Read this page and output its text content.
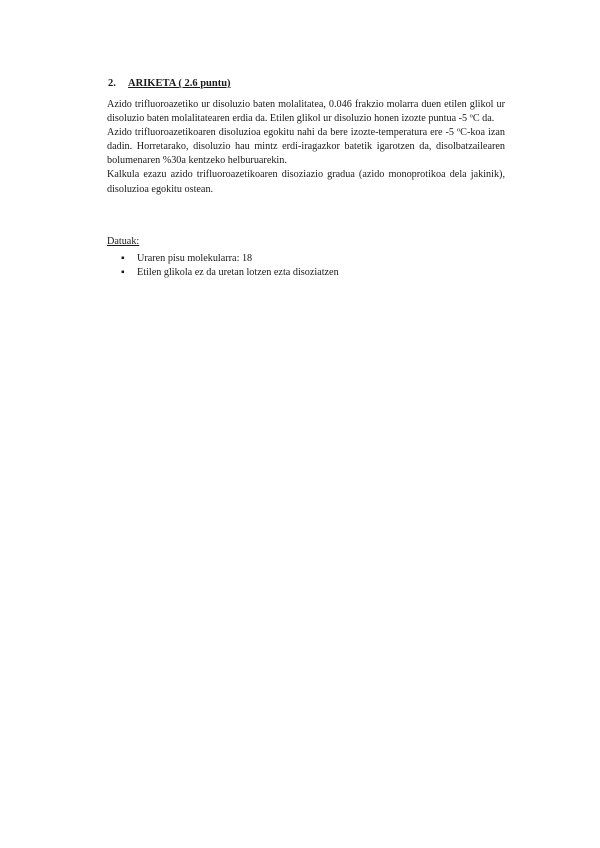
2. ARIKETA ( 2.6 puntu)

Azido trifluoroazetiko ur disoluzio baten molalitatea, 0.046 frakzio molarra duen etilen glikol ur disoluzio baten molalitatearen erdia da. Etilen glikol ur disoluzio honen izozte puntua -5 ºC da.

Azido trifluoroazetikoaren disoluzioa egokitu nahi da bere izozte-temperatura ere -5 ºC-koa izan dadin. Horretarako, disoluzio hau mintz erdi-iragazkor batetik igarotzen da, disolbatzailearen bolumenaren %30a kentzeko helburuarekin.

Kalkula ezazu azido trifluoroazetikoaren disoziazio gradua (azido monoprotikoa dela jakinik), disoluzioa egokitu ostean.

Datuak:
▪ Uraren pisu molekularra: 18
▪ Etilen glikola ez da uretan lotzen ezta disoziatzen
